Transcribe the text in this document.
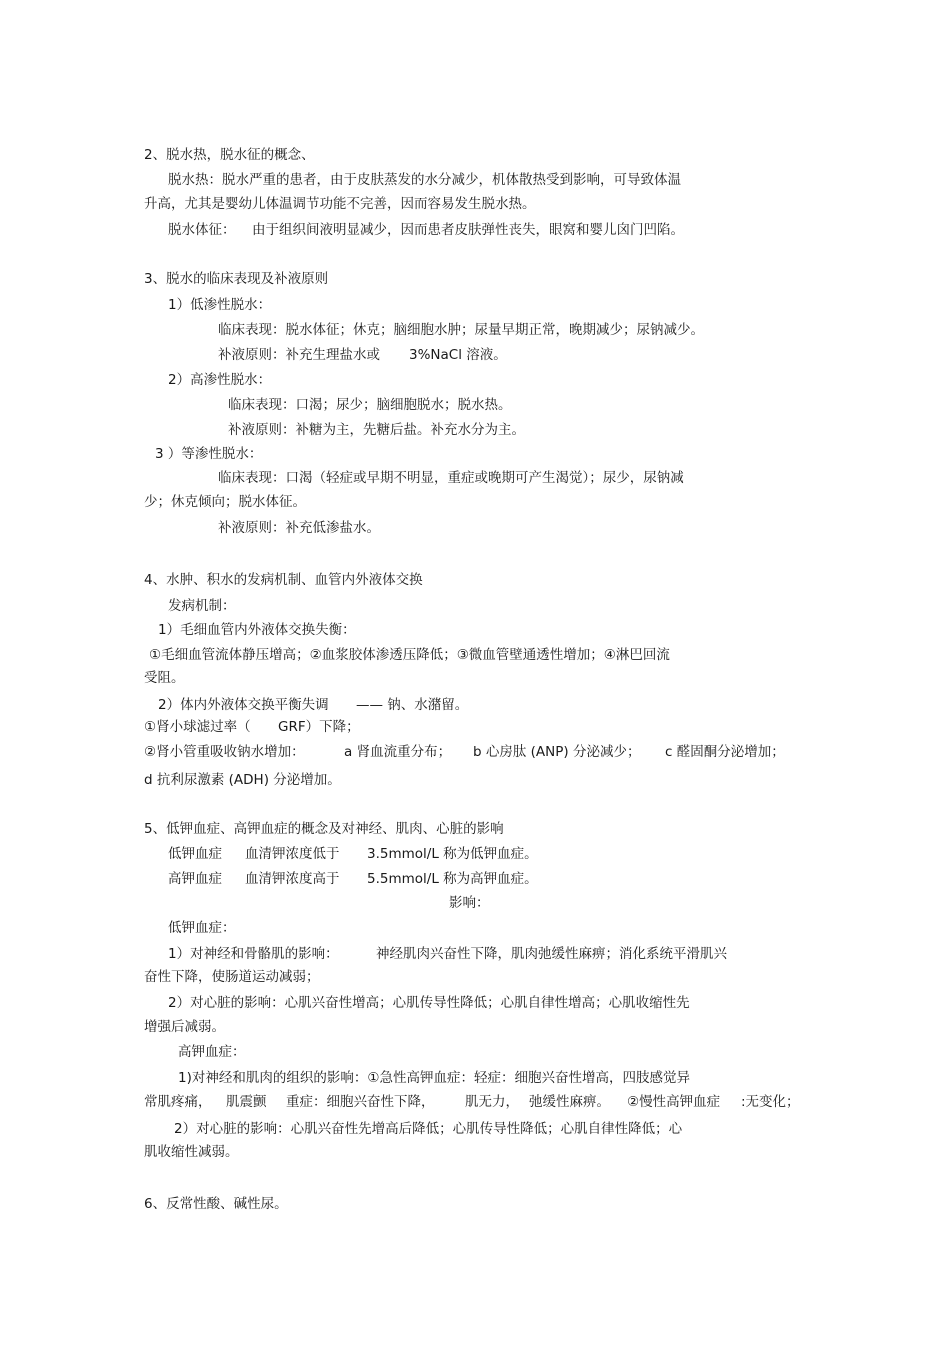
2、脱水热，脱水征的概念、
脱水热：脱水严重的患者，由于皮肤蒸发的水分减少，机体散热受到影响，可导致体温
升高，尤其是婴幼儿体温调节功能不完善，因而容易发生脱水热。
脱水体征： 由于组织间液明显减少，因而患者皮肤弹性丧失，眼窝和婴儿囟门凹陷。
3、脱水的临床表现及补液原则
1）低渗性脱水：
临床表现：脱水体征；休克；脑细胞水肿；尿量早期正常，晚期减少；尿钠减少。
补液原则：补充生理盐水或 3%NaCl 溶液。
2）高渗性脱水：
临床表现：口渴；尿少；脑细胞脱水；脱水热。
补液原则：补糖为主，先糖后盐。补充水分为主。
3 ）等渗性脱水：
临床表现：口渴（轻症或早期不明显，重症或晚期可产生渴觉）；尿少，尿钠减
少；休克倾向；脱水体征。
补液原则：补充低渗盐水。
4、水肿、积水的发病机制、血管内外液体交换
发病机制：
1）毛细血管内外液体交换失衡：
①毛细血管流体静压增高；②血浆胶体渗透压降低；③微血管壁通透性增加；④淋巴回流
受阻。
2）体内外液体交换平衡失调 —— 钠、水潴留。
①肾小球滤过率（ GRF）下降；
②肾小管重吸收钠水增加：	a 肾血流重分布； b 心房肽 (ANP) 分泌减少； c 醛固酮分泌增加；
d 抗利尿激素 (ADH) 分泌增加。
5、低钾血症、高钾血症的概念及对神经、肌肉、心脏的影响
低钾血症 血清钾浓度低于 3.5mmol/L 称为低钾血症。
高钾血症 血清钾浓度高于 5.5mmol/L 称为高钾血症。
影响：
低钾血症：
1）对神经和骨骼肌的影响：	神经肌肉兴奋性下降，肌肉弛缓性麻痹；消化系统平滑肌兴
奋性下降，使肠道运动减弱；
2）对心脏的影响：心肌兴奋性增高；心肌传导性降低；心肌自律性增高；心肌收缩性先
增强后减弱。
高钾血症：
1)对神经和肌肉的组织的影响：①急性高钾血症：轻症：细胞兴奋性增高，四肢感觉异
常肌疼痛， 肌震颤 重症：细胞兴奋性下降， 肌无力， 弛缓性麻痹。 ②慢性高钾血症 :无变化；
2）对心脏的影响：心肌兴奋性先增高后降低；心肌传导性降低；心肌自律性降低；心
肌收缩性减弱。
6、反常性酸、碱性尿。
